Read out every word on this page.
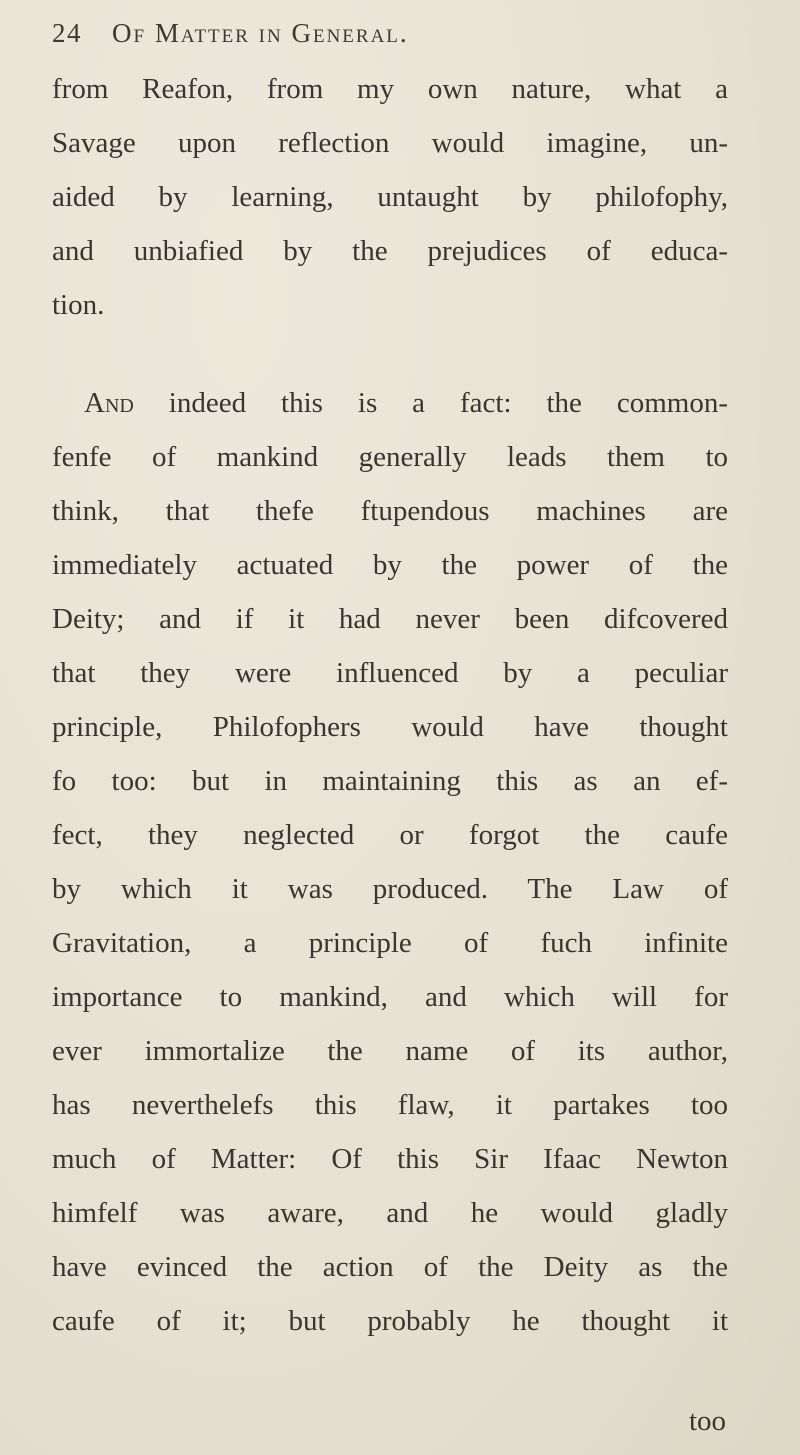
24 Of Matter in General.
from Reafon, from my own nature, what a
Savage upon reflection would imagine, un-
aided by learning, untaught by philofophy,
and unbiafied by the prejudices of educa-
tion.
And indeed this is a fact: the common-
fenfe of mankind generally leads them to
think, that thefe ftupendous machines are
immediately actuated by the power of the
Deity; and if it had never been difcovered
that they were influenced by a peculiar
principle, Philofophers would have thought
fo too: but in maintaining this as an ef-
fect, they neglected or forgot the caufe
by which it was produced. The Law of
Gravitation, a principle of fuch infinite
importance to mankind, and which will for
ever immortalize the name of its author,
has neverthelefs this flaw, it partakes too
much of Matter: Of this Sir Ifaac Newton
himfelf was aware, and he would gladly
have evinced the action of the Deity as the
caufe of it; but probably he thought it
too
